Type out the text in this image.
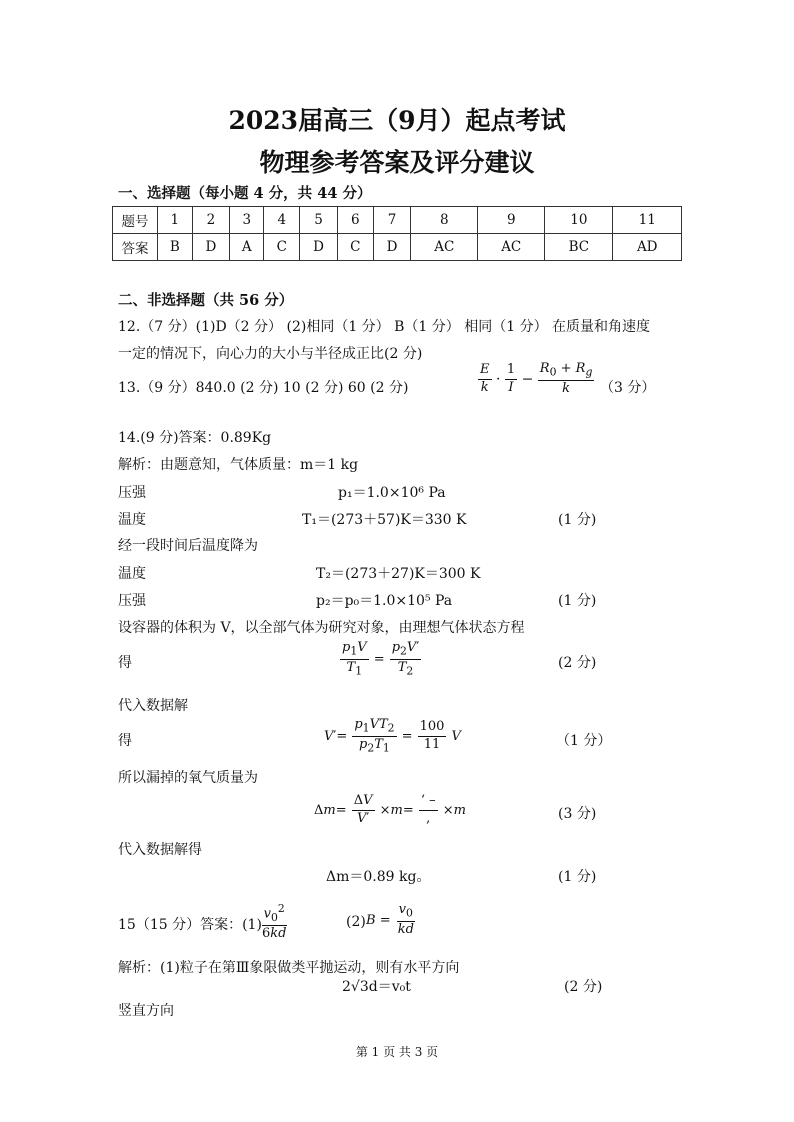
2023届高三（9月）起点考试
物理参考答案及评分建议
一、选择题（每小题 4 分，共 44 分）
题号	1	2	3	4	5	6	7	8	9	10	11
答案	B	D	A	C	D	C	D	AC	AC	BC	AD
二、非选择题（共 56 分）
12.（7 分）(1)D（2 分） (2)相同（1 分） B（1 分） 相同（1 分） 在质量和角速度
一定的情况下，向心力的大小与半径成正比(2 分)
13.（9 分）840.0 (2 分) 10 (2 分) 60 (2 分)	$\frac{E}{k} \cdot \frac{1}{I} - \frac{R_0 + R_g}{k} (3$ 分）
14.(9 分)答案：0.89Kg
解析：由题意知，气体质量：m＝1 kg
压强	p₁＝1.0×10⁶ Pa
温度	T₁＝(273＋57)K＝330 K	(1 分)
经一段时间后温度降为
温度	T₂＝(273＋27)K＝300 K
压强	p₂＝p₀＝1.0×10⁵ Pa	(1 分)
设容器的体积为 V，以全部气体为研究对象，由理想气体状态方程
得	$\frac{p_1V}{T_1} = \frac{p_2V'}{T_2}$	(2 分)
代入数据解
得	$V'= \frac{p_1VT_2}{p_2T_1} = \frac{100}{11}$ V	（1 分）
所以漏掉的氧气质量为
$\Delta m= \frac{\Delta V}{V'} \times m= \frac{‘ -}{,} \times m$	(3 分)
代入数据解得
Δm＝0.89 kg。	(1 分)
15（15 分）答案：(1)
$\frac{v_0^2}{6kd}$	(2) $B = \frac{v_0}{kd}$
解析：(1)粒子在第Ⅲ象限做类平抛运动，则有水平方向
2√3d＝v₀t	(2 分)
竖直方向
第 1 页 共 3 页
